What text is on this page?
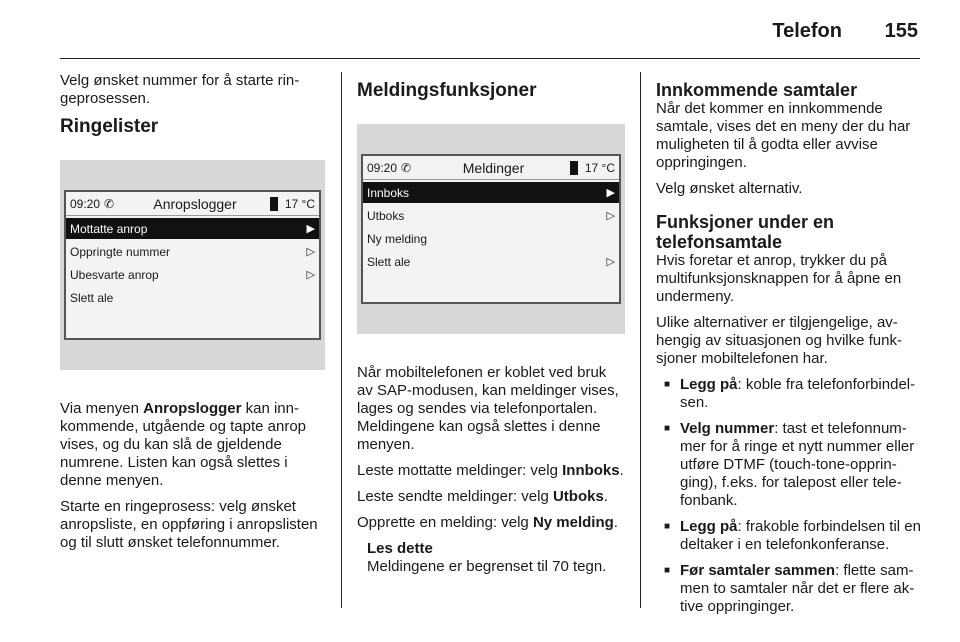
Telefon 155

Velg ønsket nummer for å starte ringeprosessen.

Ringelister
09:20 ✆	Anropslogger	17 °C
Mottatte anrop	▶
Oppringte nummer	▷
Ubesvarte anrop	▷
Slett ale

Via menyen Anropslogger kan innkommende, utgående og tapte anrop vises, og du kan slå de gjeldende numrene. Listen kan også slettes i denne menyen.

Starte en ringeprosess: velg ønsket anropsliste, en oppføring i anropslisten og til slutt ønsket telefonnummer.

Meldingsfunksjoner
09:20 ✆	Meldinger	17 °C
Innboks	▶
Utboks	▷
Ny melding
Slett ale	▷

Når mobiltelefonen er koblet ved bruk av SAP-modusen, kan meldinger vises, lages og sendes via telefonportalen. Meldingene kan også slettes i denne menyen.

Leste mottatte meldinger: velg Innboks.

Leste sendte meldinger: velg Utboks.

Opprette en melding: velg Ny melding.

Les dette
Meldingene er begrenset til 70 tegn.
Innkommende samtaler

Når det kommer en innkommende samtale, vises det en meny der du har muligheten til å godta eller avvise oppringingen.

Velg ønsket alternativ.

Funksjoner under en telefonsamtale

Hvis foretar et anrop, trykker du på multifunksjonsknappen for å åpne en undermeny.

Ulike alternativer er tilgjengelige, avhengig av situasjonen og hvilke funksjoner mobiltelefonen har.

■ Legg på: koble fra telefonforbindelsen.
■ Velg nummer: tast et telefonnummer for å ringe et nytt nummer eller utføre DTMF (touch-tone-oppringing), f.eks. for talepost eller telefonbank.
■ Legg på: frakoble forbindelsen til en deltaker i en telefonkonferanse.
■ Før samtaler sammen: flette sammen to samtaler når det er flere aktive oppringinger.
